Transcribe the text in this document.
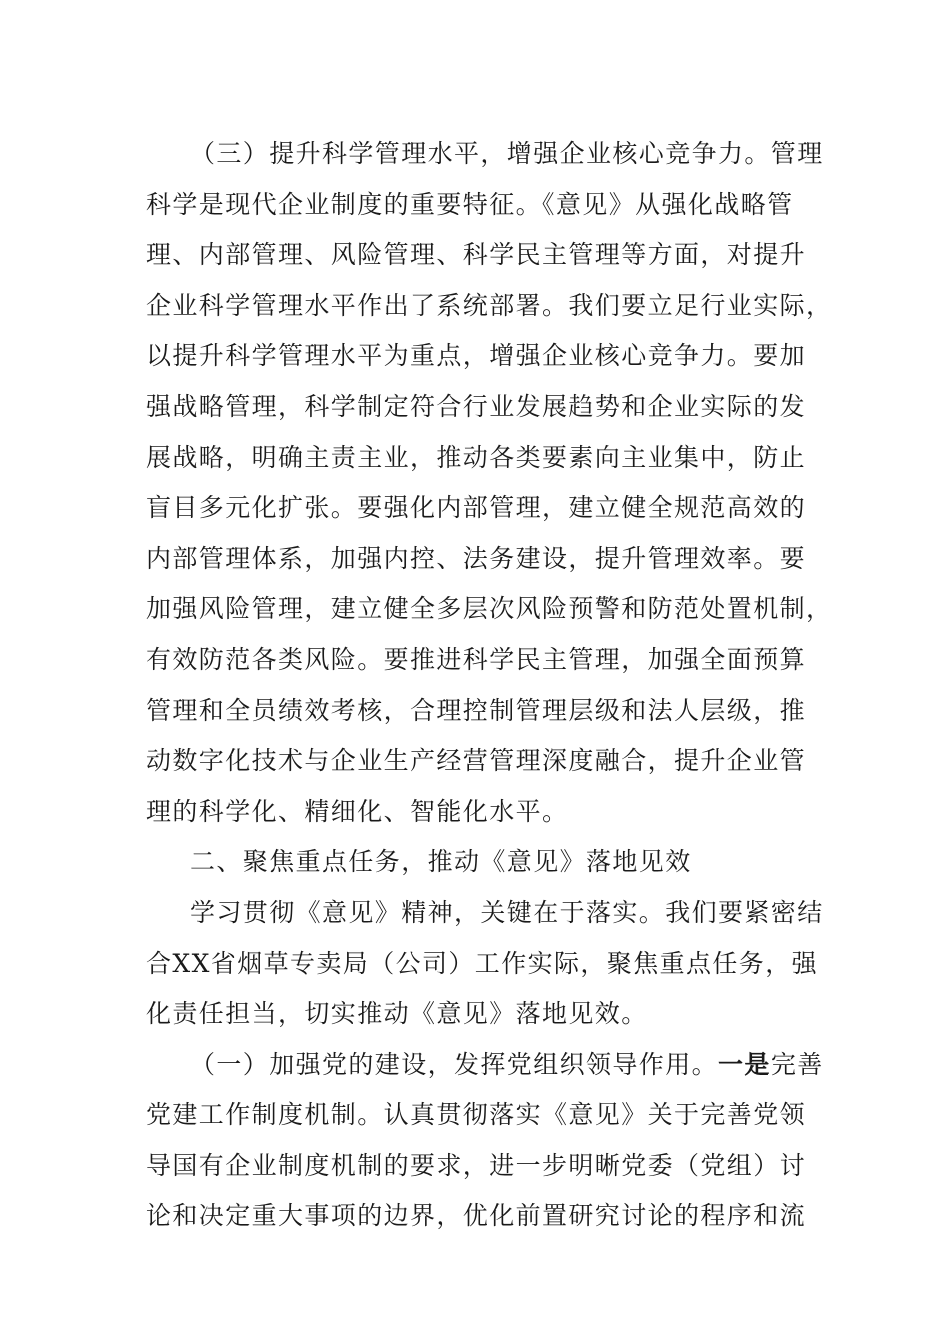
（三）提升科学管理水平，增强企业核心竞争力。管理
科学是现代企业制度的重要特征。《意见》从强化战略管
理、内部管理、风险管理、科学民主管理等方面，对提升
企业科学管理水平作出了系统部署。我们要立足行业实际，
以提升科学管理水平为重点，增强企业核心竞争力。要加
强战略管理，科学制定符合行业发展趋势和企业实际的发
展战略，明确主责主业，推动各类要素向主业集中，防止
盲目多元化扩张。要强化内部管理，建立健全规范高效的
内部管理体系，加强内控、法务建设，提升管理效率。要
加强风险管理，建立健全多层次风险预警和防范处置机制，
有效防范各类风险。要推进科学民主管理，加强全面预算
管理和全员绩效考核，合理控制管理层级和法人层级，推
动数字化技术与企业生产经营管理深度融合，提升企业管
理的科学化、精细化、智能化水平。
二、聚焦重点任务，推动《意见》落地见效
学习贯彻《意见》精神，关键在于落实。我们要紧密结
合XX省烟草专卖局（公司）工作实际，聚焦重点任务，强
化责任担当，切实推动《意见》落地见效。
（一）加强党的建设，发挥党组织领导作用。一是完善
党建工作制度机制。认真贯彻落实《意见》关于完善党领
导国有企业制度机制的要求，进一步明晰党委（党组）讨
论和决定重大事项的边界，优化前置研究讨论的程序和流
